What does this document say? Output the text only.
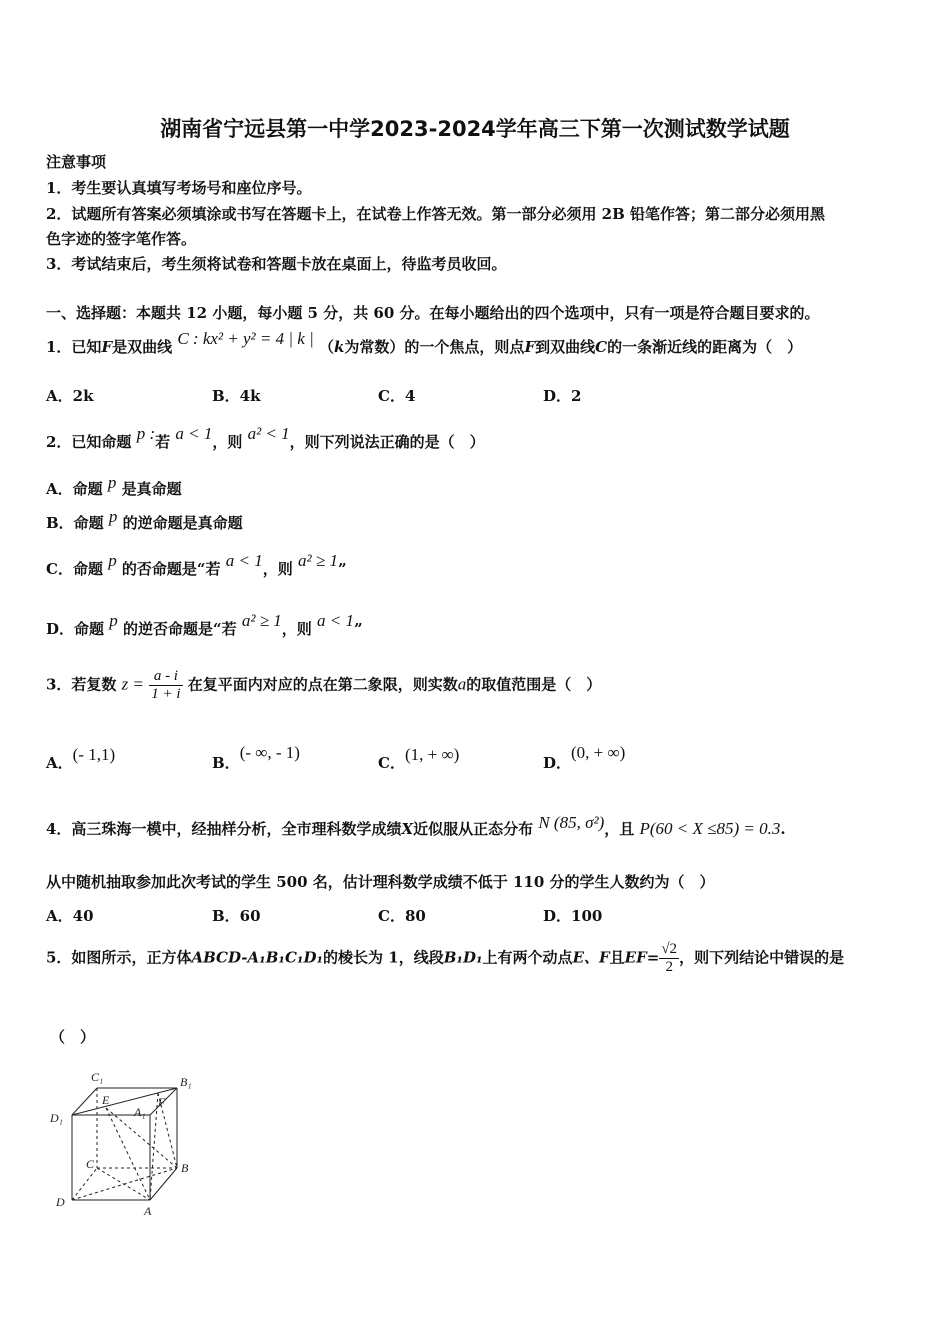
湖南省宁远县第一中学2023-2024学年高三下第一次测试数学试题
注意事项
1．考生要认真填写考场号和座位序号。
2．试题所有答案必须填涂或书写在答题卡上，在试卷上作答无效。第一部分必须用 2B 铅笔作答；第二部分必须用黑
色字迹的签字笔作答。
3．考试结束后，考生须将试卷和答题卡放在桌面上，待监考员收回。
一、选择题：本题共 12 小题，每小题 5 分，共 60 分。在每小题给出的四个选项中，只有一项是符合题目要求的。
1．已知F是双曲线 C : kx² + y² = 4 | k | （k为常数）的一个焦点，则点F到双曲线C的一条渐近线的距离为（　）
A．2k	B．4k	C．4	D．2
2．已知命题 p :若 a < 1，则 a² < 1，则下列说法正确的是（　）
A．命题 p 是真命题
B．命题 p 的逆命题是真命题
C．命题 p 的否命题是“若 a < 1，则 a² ≥ 1”
D．命题 p 的逆否命题是“若 a² ≥ 1，则 a < 1”
3．若复数 $z = \frac{a - i}{1 + i}$ 在复平面内对应的点在第二象限，则实数a的取值范围是（　）
A．(- 1,1)	B．(- ∞, - 1)
C．(1, + ∞)	D．(0, + ∞)
4．高三珠海一模中，经抽样分析，全市理科数学成绩X近似服从正态分布 N (85, σ²)，且 P(60 < X ≤85) = 0.3.
从中随机抽取参加此次考试的学生 500 名，估计理科数学成绩不低于 110 分的学生人数约为（　）
A．40	B．60	C．80	D．100
5．如图所示，正方体ABCD-A₁B₁C₁D₁的棱长为 1，线段B₁D₁上有两个动点E、F且$EF= \frac{√2}{2}$ ，则下列结论中错误的是
（　）
C₁	B₁
D₁
E
A₁
F
C	B
D
A
